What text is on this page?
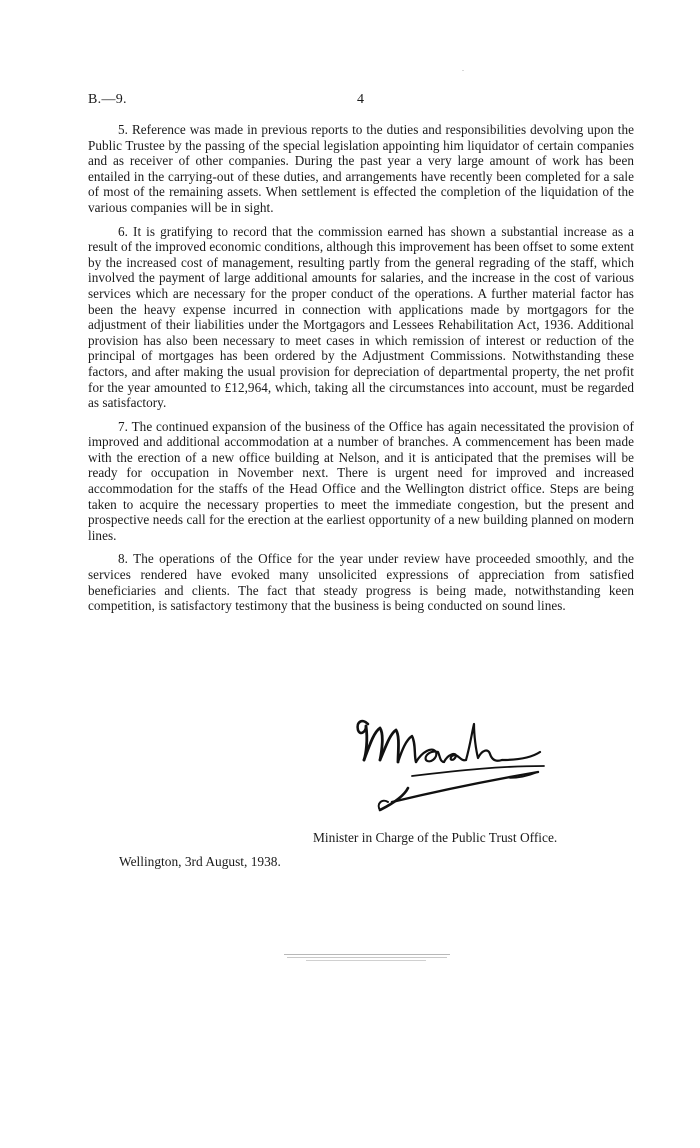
B.—9.	4

5. Reference was made in previous reports to the duties and responsibilities devolving upon the Public Trustee by the passing of the special legislation appointing him liquidator of certain companies and as receiver of other companies. During the past year a very large amount of work has been entailed in the carrying-out of these duties, and arrangements have recently been completed for a sale of most of the remaining assets. When settlement is effected the completion of the liquidation of the various companies will be in sight.

6. It is gratifying to record that the commission earned has shown a substantial increase as a result of the improved economic conditions, although this improvement has been offset to some extent by the increased cost of management, resulting partly from the general regrading of the staff, which involved the payment of large additional amounts for salaries, and the increase in the cost of various services which are necessary for the proper conduct of the operations. A further material factor has been the heavy expense incurred in connection with applications made by mortgagors for the adjustment of their liabilities under the Mortgagors and Lessees Rehabilitation Act, 1936. Additional provision has also been necessary to meet cases in which remission of interest or reduction of the principal of mortgages has been ordered by the Adjustment Commissions. Notwithstanding these factors, and after making the usual provision for depreciation of departmental property, the net profit for the year amounted to £12,964, which, taking all the circumstances into account, must be regarded as satisfactory.

7. The continued expansion of the business of the Office has again necessitated the provision of improved and additional accommodation at a number of branches. A commencement has been made with the erection of a new office building at Nelson, and it is anticipated that the premises will be ready for occupation in November next. There is urgent need for improved and increased accommodation for the staffs of the Head Office and the Wellington district office. Steps are being taken to acquire the necessary properties to meet the immediate congestion, but the present and prospective needs call for the erection at the earliest opportunity of a new building planned on modern lines.

8. The operations of the Office for the year under review have proceeded smoothly, and the services rendered have evoked many unsolicited expressions of appreciation from satisfied beneficiaries and clients. The fact that steady progress is being made, notwithstanding keen competition, is satisfactory testimony that the business is being conducted on sound lines.

Minister in Charge of the Public Trust Office.
Wellington, 3rd August, 1938.
